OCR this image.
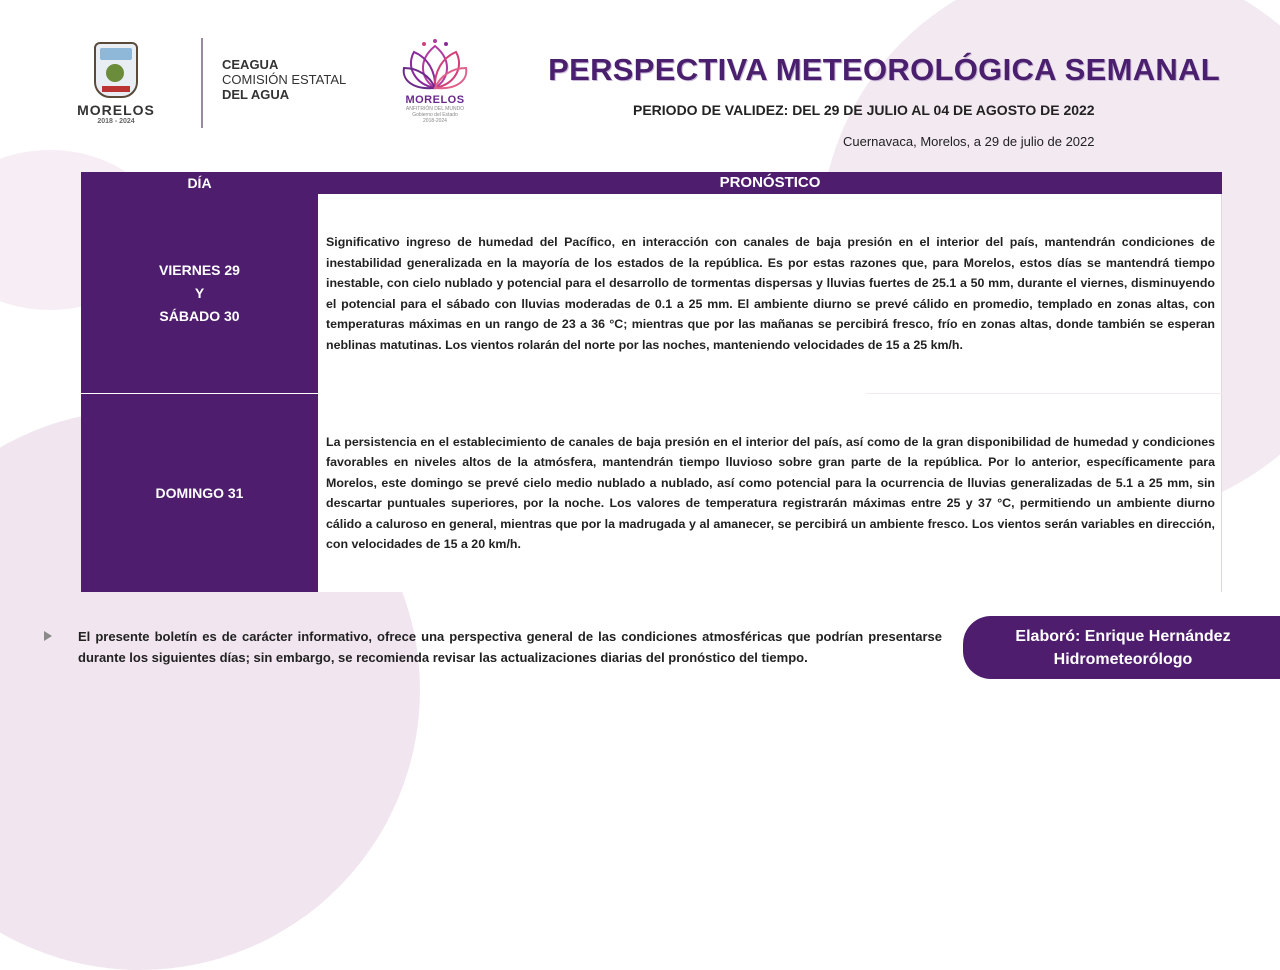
MORELOS
2018 - 2024
CEAGUA
COMISIÓN ESTATAL
DEL AGUA	MORELOS
ANFITRIÓN DEL MUNDO
Gobierno del Estado
2018-2024
PERSPECTIVA METEOROLÓGICA SEMANAL
PERIODO DE VALIDEZ: DEL 29 DE JULIO AL 04 DE AGOSTO DE 2022
Cuernavaca, Morelos, a 29 de julio de 2022
DÍA	PRONÓSTICO
VIERNES 29
Y
SÁBADO 30

Significativo ingreso de humedad del Pacífico, en interacción con canales de baja presión en el interior del país, mantendrán condiciones de inestabilidad generalizada en la mayoría de los estados de la república. Es por estas razones que, para Morelos, estos días se mantendrá tiempo inestable, con cielo nublado y potencial para el desarrollo de tormentas dispersas y lluvias fuertes de 25.1 a 50 mm, durante el viernes, disminuyendo el potencial para el sábado con lluvias moderadas de 0.1 a 25 mm. El ambiente diurno se prevé cálido en promedio, templado en zonas altas, con temperaturas máximas en un rango de 23 a 36 °C; mientras que por las mañanas se percibirá fresco, frío en zonas altas, donde también se esperan neblinas matutinas. Los vientos rolarán del norte por las noches, manteniendo velocidades de 15 a 25 km/h.

DOMINGO 31

La persistencia en el establecimiento de canales de baja presión en el interior del país, así como de la gran disponibilidad de humedad y condiciones favorables en niveles altos de la atmósfera, mantendrán tiempo lluvioso sobre gran parte de la república. Por lo anterior, específicamente para Morelos, este domingo se prevé cielo medio nublado a nublado, así como potencial para la ocurrencia de lluvias generalizadas de 5.1 a 25 mm, sin descartar puntuales superiores, por la noche. Los valores de temperatura registrarán máximas entre 25 y 37 °C, permitiendo un ambiente diurno cálido a caluroso en general, mientras que por la madrugada y al amanecer, se percibirá un ambiente fresco. Los vientos serán variables en dirección, con velocidades de 15 a 20 km/h.

El presente boletín es de carácter informativo, ofrece una perspectiva general de las condiciones atmosféricas que podrían presentarse durante los siguientes días; sin embargo, se recomienda revisar las actualizaciones diarias del pronóstico del tiempo.

Elaboró: Enrique Hernández
Hidrometeorólogo
